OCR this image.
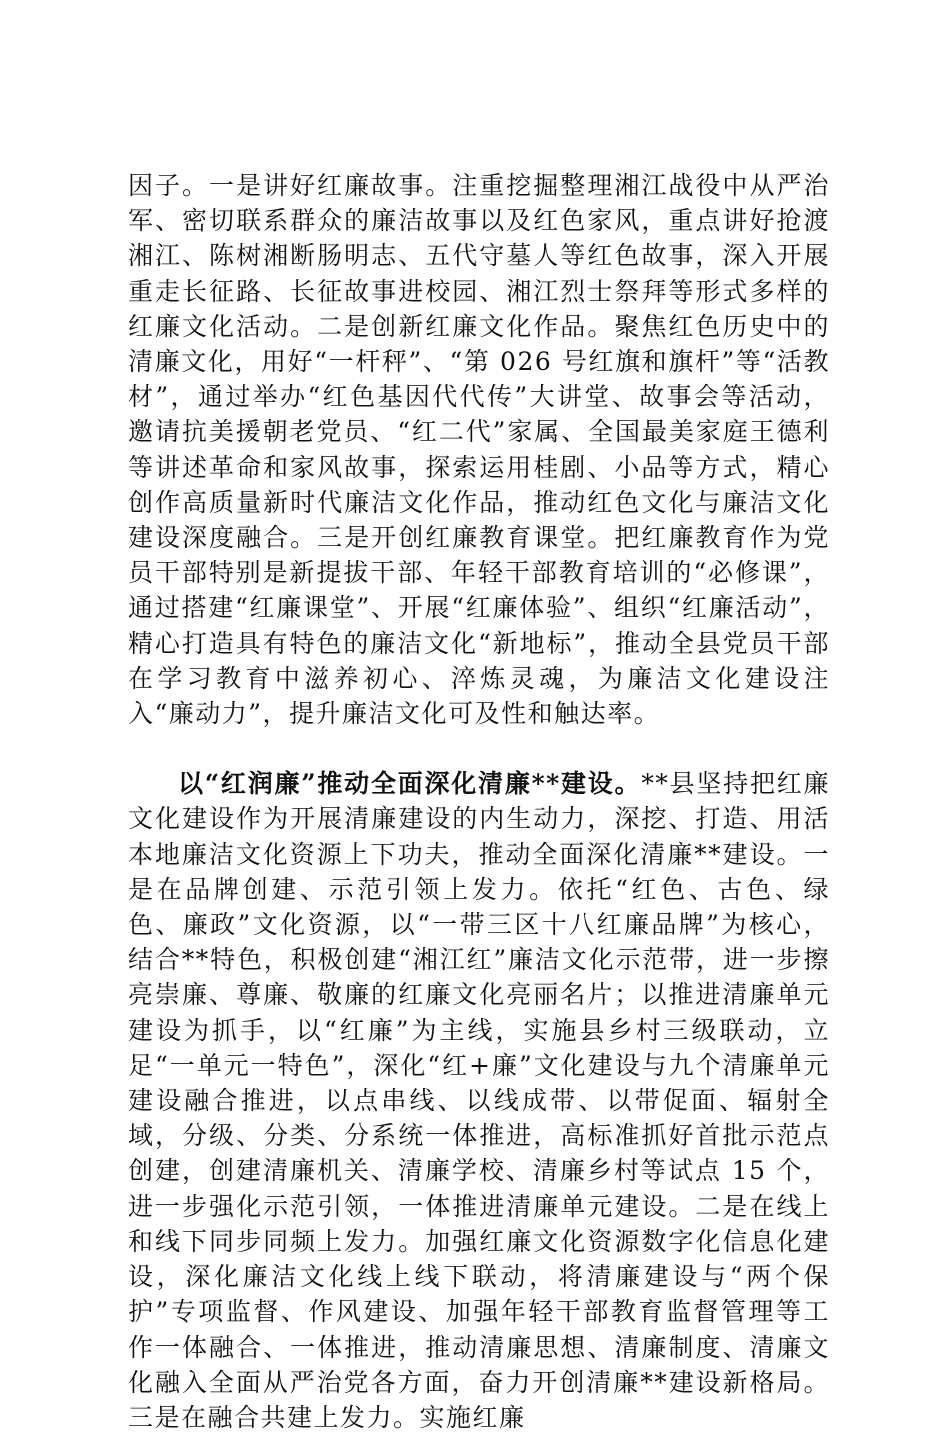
因子。一是讲好红廉故事。注重挖掘整理湘江战役中从严治军、密切联系群众的廉洁故事以及红色家风，重点讲好抢渡湘江、陈树湘断肠明志、五代守墓人等红色故事，深入开展重走长征路、长征故事进校园、湘江烈士祭拜等形式多样的红廉文化活动。二是创新红廉文化作品。聚焦红色历史中的清廉文化，用好“一杆秤”、“第 026 号红旗和旗杆”等“活教材”，通过举办“红色基因代代传”大讲堂、故事会等活动，邀请抗美援朝老党员、“红二代”家属、全国最美家庭王德利等讲述革命和家风故事，探索运用桂剧、小品等方式，精心创作高质量新时代廉洁文化作品，推动红色文化与廉洁文化建设深度融合。三是开创红廉教育课堂。把红廉教育作为党员干部特别是新提拔干部、年轻干部教育培训的“必修课”，通过搭建“红廉课堂”、开展“红廉体验”、组织“红廉活动”，精心打造具有特色的廉洁文化“新地标”，推动全县党员干部在学习教育中滋养初心、淬炼灵魂，为廉洁文化建设注入“廉动力”，提升廉洁文化可及性和触达率。

以“红润廉”推动全面深化清廉**建设。**县坚持把红廉文化建设作为开展清廉建设的内生动力，深挖、打造、用活本地廉洁文化资源上下功夫，推动全面深化清廉**建设。一是在品牌创建、示范引领上发力。依托“红色、古色、绿色、廉政”文化资源，以“一带三区十八红廉品牌”为核心，结合**特色，积极创建“湘江红”廉洁文化示范带，进一步擦亮崇廉、尊廉、敬廉的红廉文化亮丽名片；以推进清廉单元建设为抓手，以“红廉”为主线，实施县乡村三级联动，立足“一单元一特色”，深化“红+廉”文化建设与九个清廉单元建设融合推进，以点串线、以线成带、以带促面、辐射全域，分级、分类、分系统一体推进，高标准抓好首批示范点创建，创建清廉机关、清廉学校、清廉乡村等试点 15 个，进一步强化示范引领，一体推进清廉单元建设。二是在线上和线下同步同频上发力。加强红廉文化资源数字化信息化建设，深化廉洁文化线上线下联动，将清廉建设与“两个保护”专项监督、作风建设、加强年轻干部教育监督管理等工作一体融合、一体推进，推动清廉思想、清廉制度、清廉文化融入全面从严治党各方面，奋力开创清廉**建设新格局。三是在融合共建上发力。实施红廉
